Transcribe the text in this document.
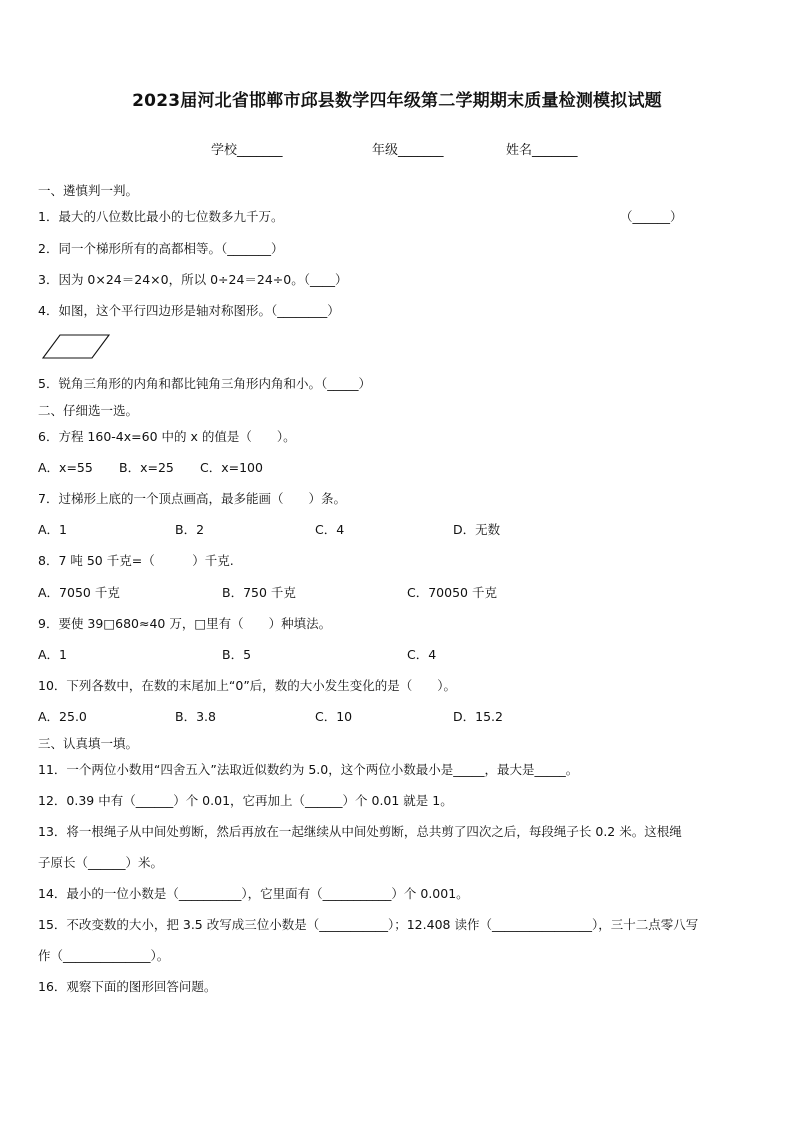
2023届河北省邯郸市邱县数学四年级第二学期期末质量检测模拟试题
学校_______	年级_______	姓名_______
一、遴慎判一判。
1．最大的八位数比最小的七位数多九千万。	（______）
2．同一个梯形所有的高都相等。（_______）
3．因为 0×24＝24×0，所以 0÷24＝24÷0。（____）
4．如图，这个平行四边形是轴对称图形。（________）
5．锐角三角形的内角和都比钝角三角形内角和小。（_____）
二、仔细选一选。
6．方程 160-4x=60 中的 x 的值是（　　）。
A．x=55 B．x=25 C．x=100
7．过梯形上底的一个顶点画高，最多能画（　　）条。
A．1	B．2	C．4	D．无数
8．7 吨 50 千克=（　　　）千克.
A．7050 千克	B．750 千克	C．70050 千克
9．要使 39□680≈40 万，□里有（　　）种填法。
A．1	B．5	C．4
10．下列各数中，在数的末尾加上“0”后，数的大小发生变化的是（　　）。
A．25.0	B．3.8	C．10	D．15.2
三、认真填一填。
11．一个两位小数用“四舍五入”法取近似数约为 5.0，这个两位小数最小是_____，最大是_____。
12．0.39 中有（______）个 0.01，它再加上（______）个 0.01 就是 1。
13．将一根绳子从中间处剪断，然后再放在一起继续从中间处剪断，总共剪了四次之后，每段绳子长 0.2 米。这根绳
子原长（______）米。
14．最小的一位小数是（__________），它里面有（___________）个 0.001。
15．不改变数的大小，把 3.5 改写成三位小数是（___________）；12.408 读作（________________），三十二点零八写
作（______________）。
16．观察下面的图形回答问题。
